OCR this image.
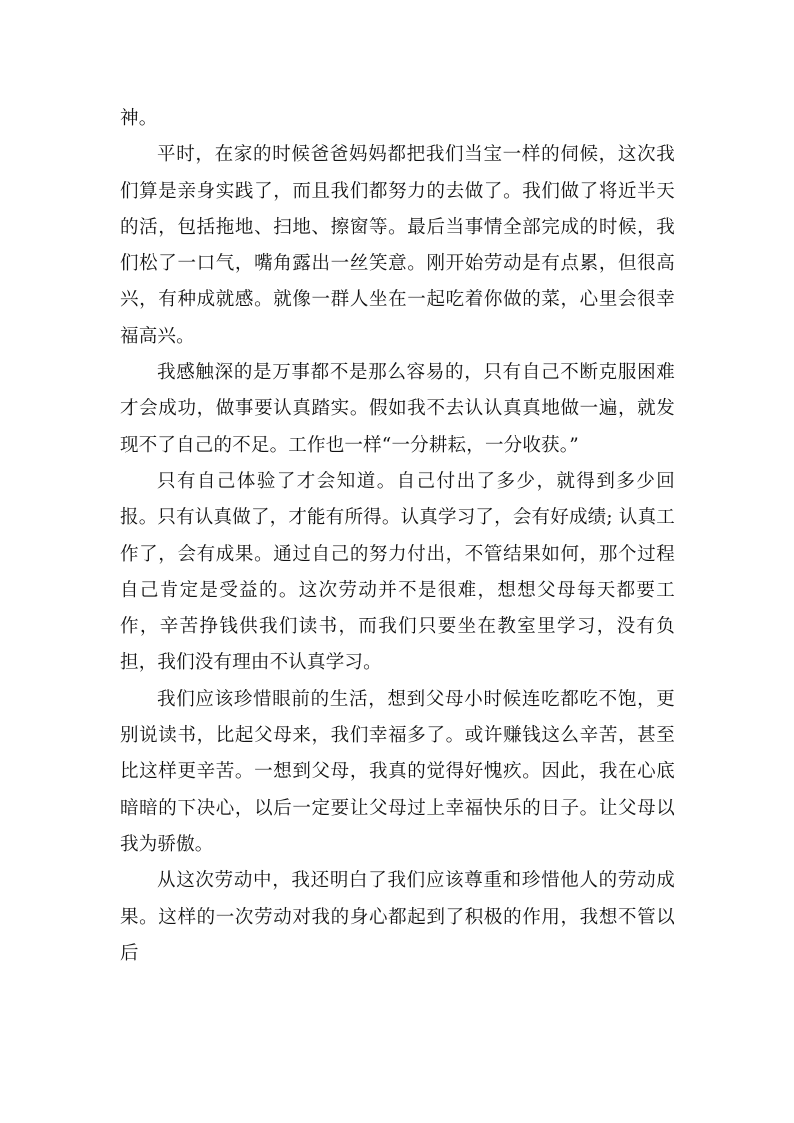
神。

平时，在家的时候爸爸妈妈都把我们当宝一样的伺候，这次我们算是亲身实践了，而且我们都努力的去做了。我们做了将近半天的活，包括拖地、扫地、擦窗等。最后当事情全部完成的时候，我们松了一口气，嘴角露出一丝笑意。刚开始劳动是有点累，但很高兴，有种成就感。就像一群人坐在一起吃着你做的菜，心里会很幸福高兴。

我感触深的是万事都不是那么容易的，只有自己不断克服困难才会成功，做事要认真踏实。假如我不去认认真真地做一遍，就发现不了自己的不足。工作也一样“一分耕耘，一分收获。”

只有自己体验了才会知道。自己付出了多少，就得到多少回报。只有认真做了，才能有所得。认真学习了，会有好成绩; 认真工作了，会有成果。通过自己的努力付出，不管结果如何，那个过程自己肯定是受益的。这次劳动并不是很难，想想父母每天都要工作，辛苦挣钱供我们读书，而我们只要坐在教室里学习，没有负担，我们没有理由不认真学习。

我们应该珍惜眼前的生活，想到父母小时候连吃都吃不饱，更别说读书，比起父母来，我们幸福多了。或许赚钱这么辛苦，甚至比这样更辛苦。一想到父母，我真的觉得好愧疚。因此，我在心底暗暗的下决心，以后一定要让父母过上幸福快乐的日子。让父母以我为骄傲。

从这次劳动中，我还明白了我们应该尊重和珍惜他人的劳动成果。这样的一次劳动对我的身心都起到了积极的作用，我想不管以后
